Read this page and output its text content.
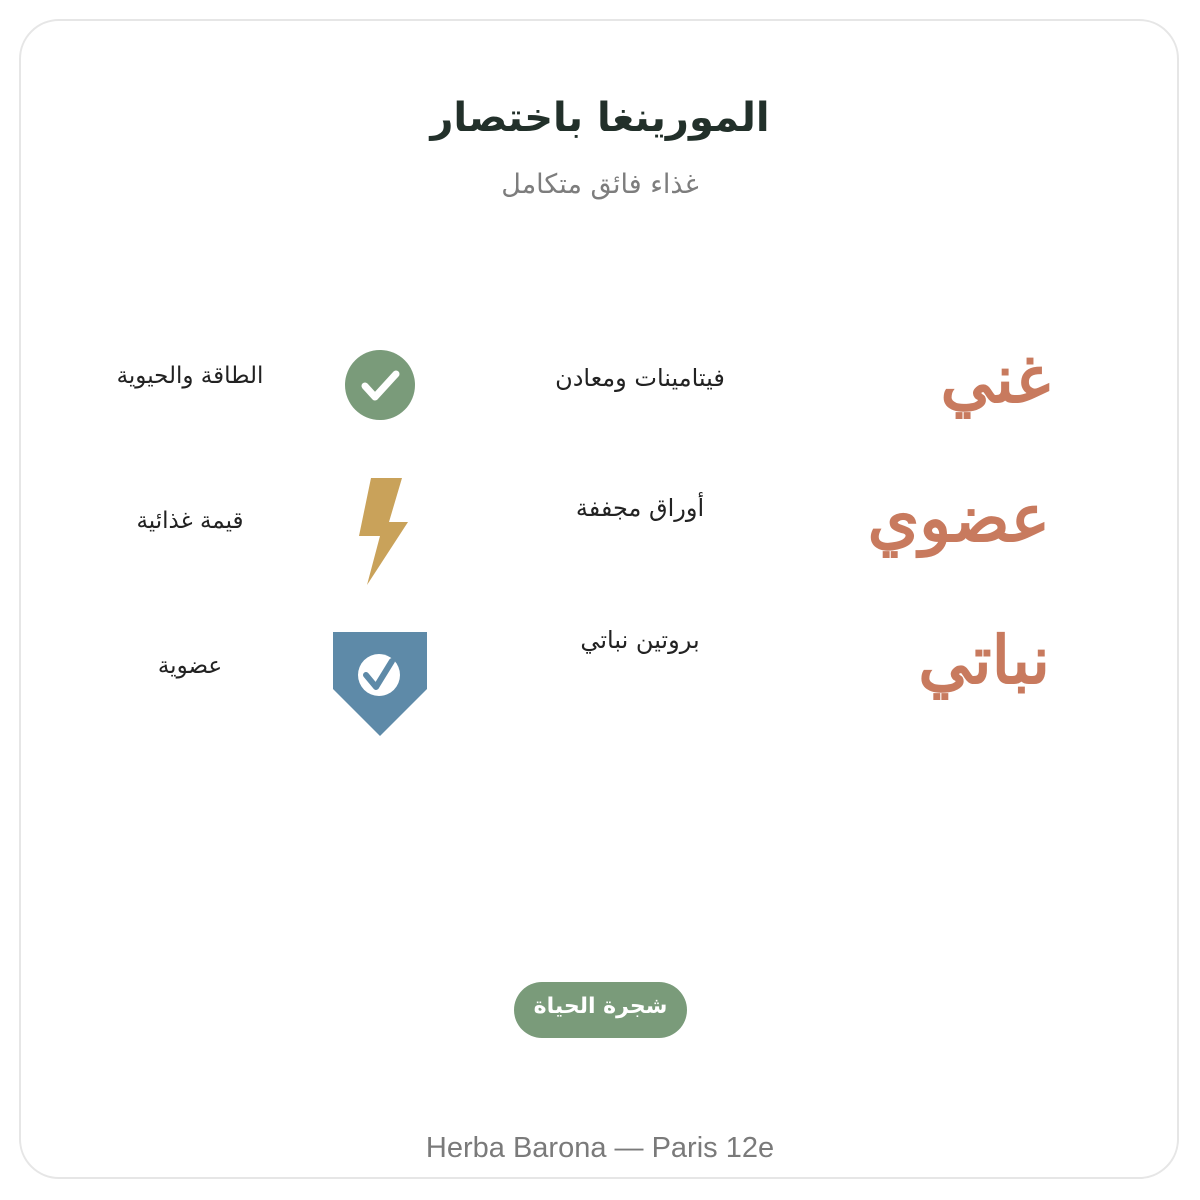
المورينغا باختصار
غذاء فائق متكامل
غني
فيتامينات ومعادن
الطاقة والحيوية
عضوي
أوراق مجففة
قيمة غذائية
نباتي
بروتين نباتي
عضوية
شجرة الحياة
Herba Barona — Paris 12e
